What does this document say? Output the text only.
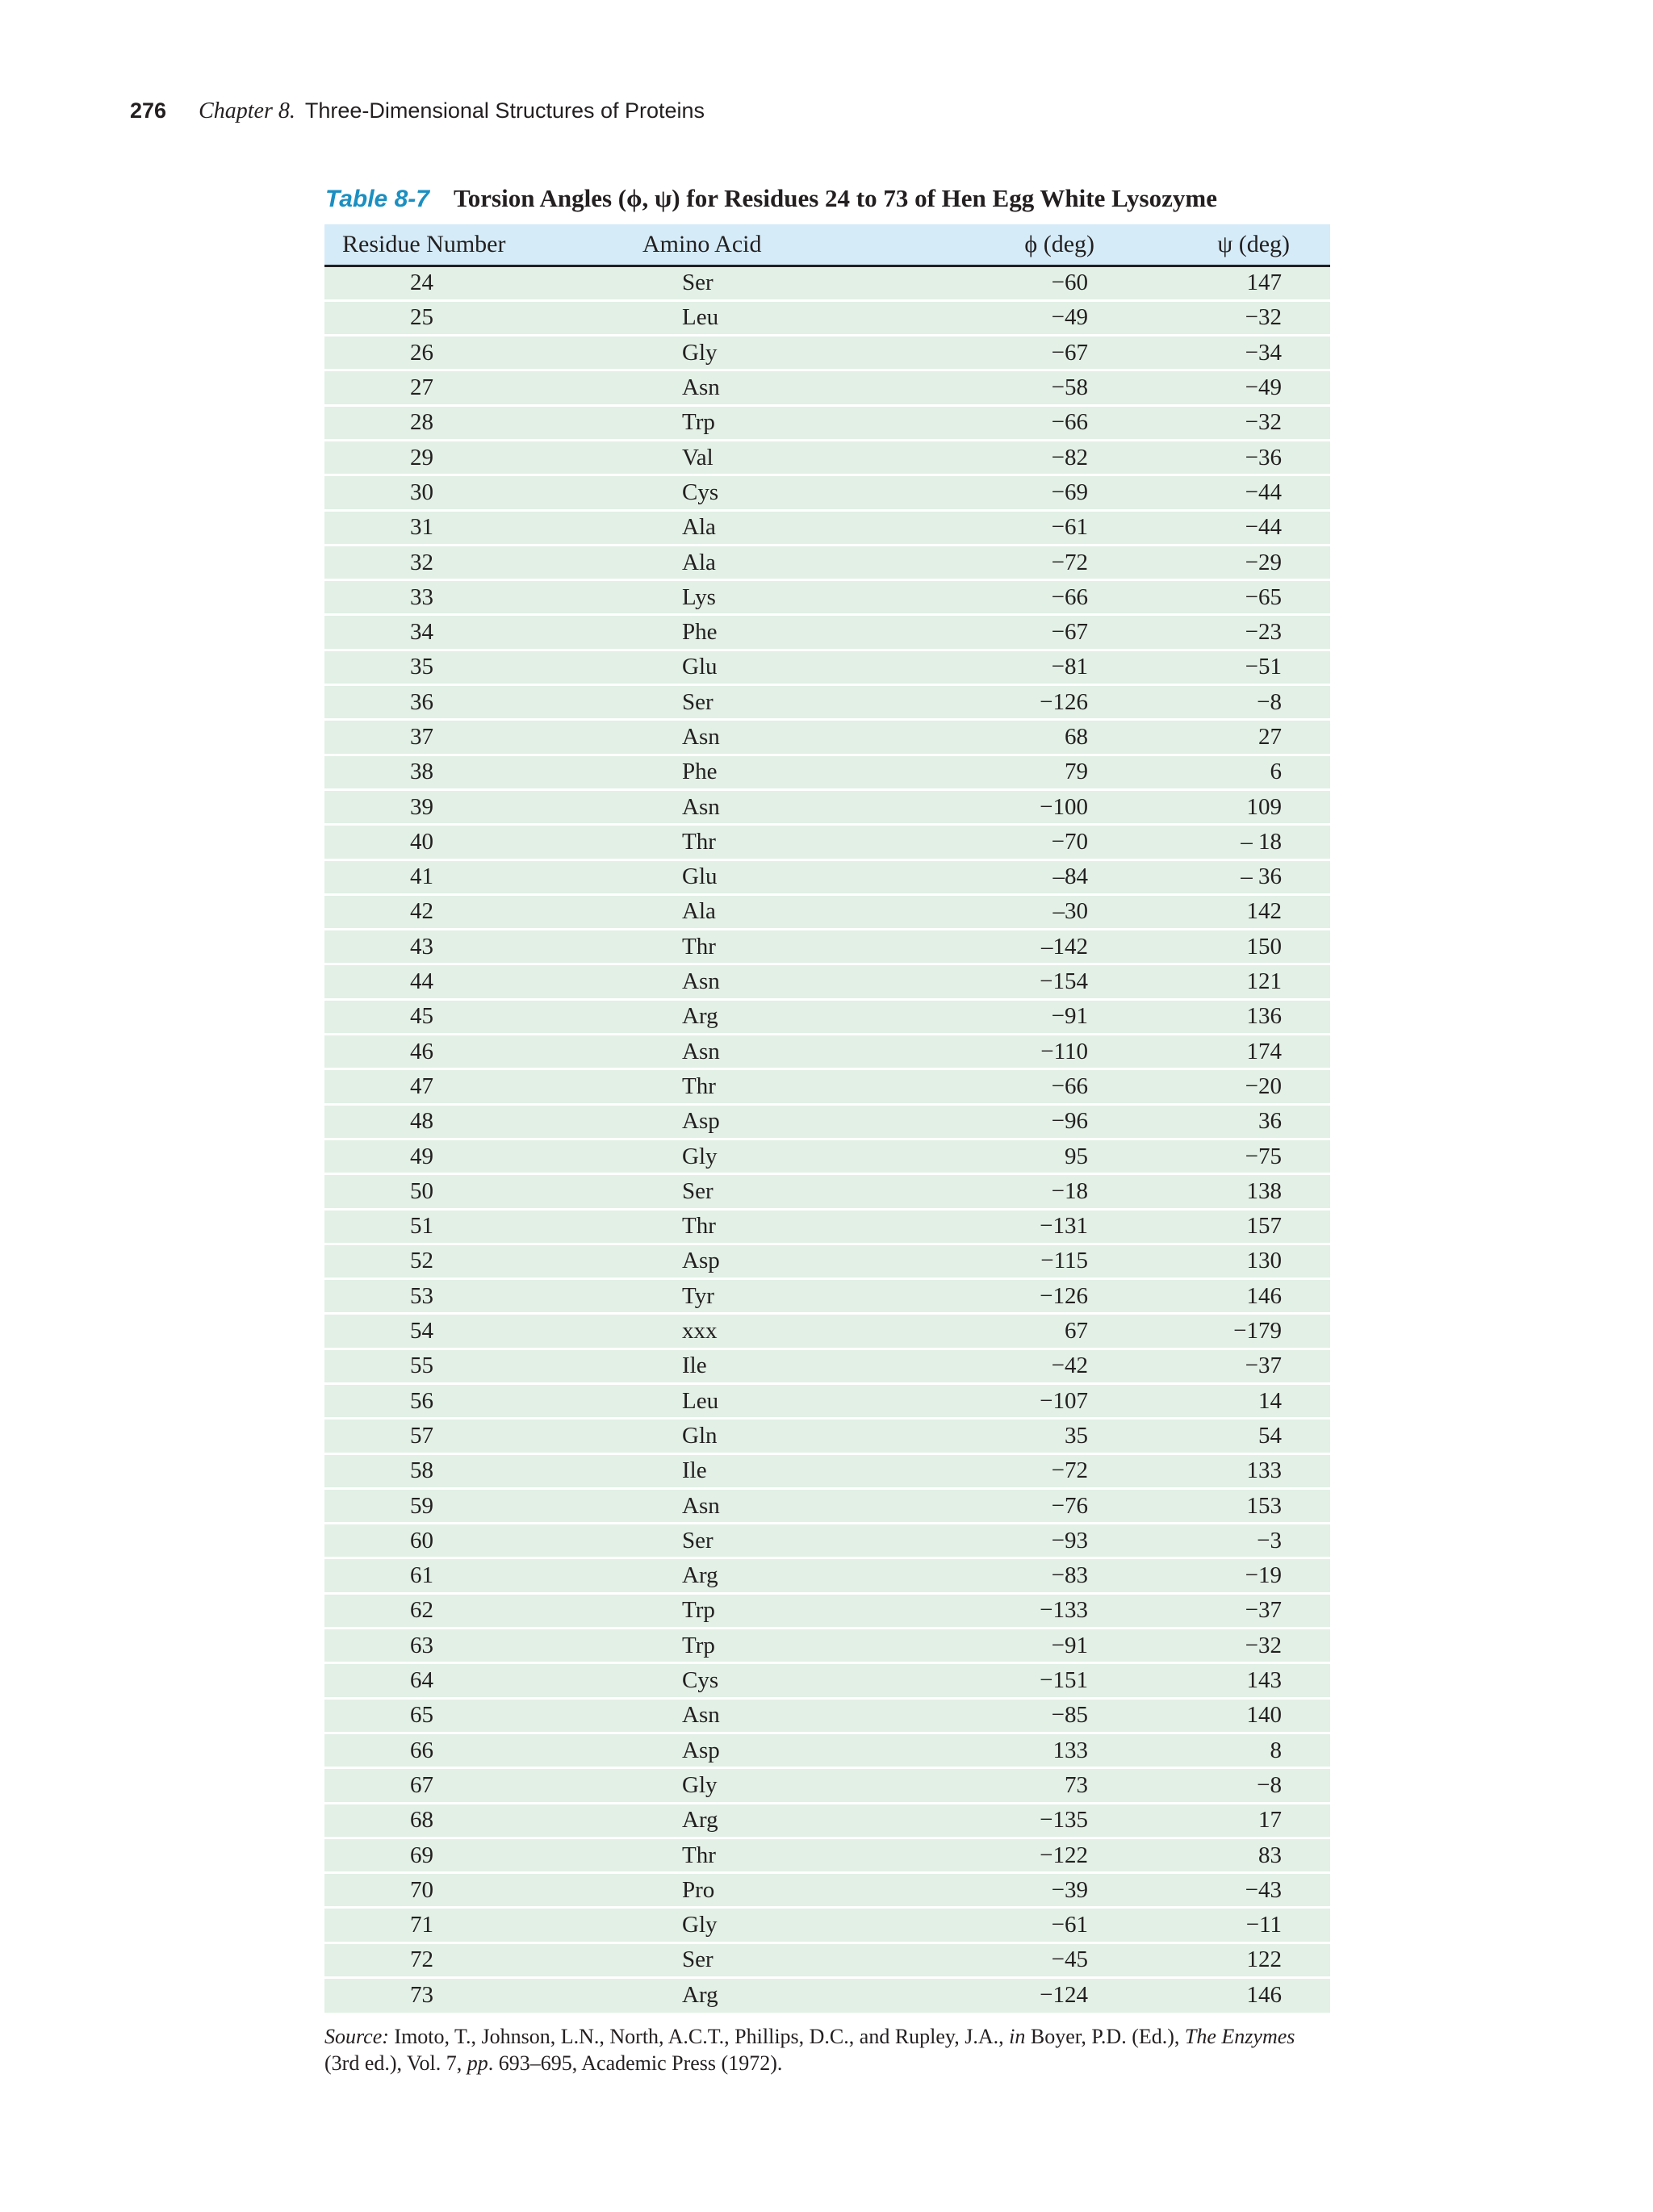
276 Chapter 8. Three-Dimensional Structures of Proteins
Table 8-7 Torsion Angles (ϕ, ψ) for Residues 24 to 73 of Hen Egg White Lysozyme
Residue Number	Amino Acid	ϕ (deg)	ψ (deg)
24	Ser	−60	147
25	Leu	−49	−32
26	Gly	−67	−34
27	Asn	−58	−49
28	Trp	−66	−32
29	Val	−82	−36
30	Cys	−69	−44
31	Ala	−61	−44
32	Ala	−72	−29
33	Lys	−66	−65
34	Phe	−67	−23
35	Glu	−81	−51
36	Ser	−126	−8
37	Asn	68	27
38	Phe	79	6
39	Asn	−100	109
40	Thr	−70	– 18
41	Glu	–84	– 36
42	Ala	–30	142
43	Thr	–142	150
44	Asn	−154	121
45	Arg	−91	136
46	Asn	−110	174
47	Thr	−66	−20
48	Asp	−96	36
49	Gly	95	−75
50	Ser	−18	138
51	Thr	−131	157
52	Asp	−115	130
53	Tyr	−126	146
54	xxx	67	−179
55	Ile	−42	−37
56	Leu	−107	14
57	Gln	35	54
58	Ile	−72	133
59	Asn	−76	153
60	Ser	−93	−3
61	Arg	−83	−19
62	Trp	−133	−37
63	Trp	−91	−32
64	Cys	−151	143
65	Asn	−85	140
66	Asp	133	8
67	Gly	73	−8
68	Arg	−135	17
69	Thr	−122	83
70	Pro	−39	−43
71	Gly	−61	−11
72	Ser	−45	122
73	Arg	−124	146
Source: Imoto, T., Johnson, L.N., North, A.C.T., Phillips, D.C., and Rupley, J.A., in Boyer, P.D. (Ed.), The Enzymes (3rd ed.), Vol. 7, pp. 693–695, Academic Press (1972).
